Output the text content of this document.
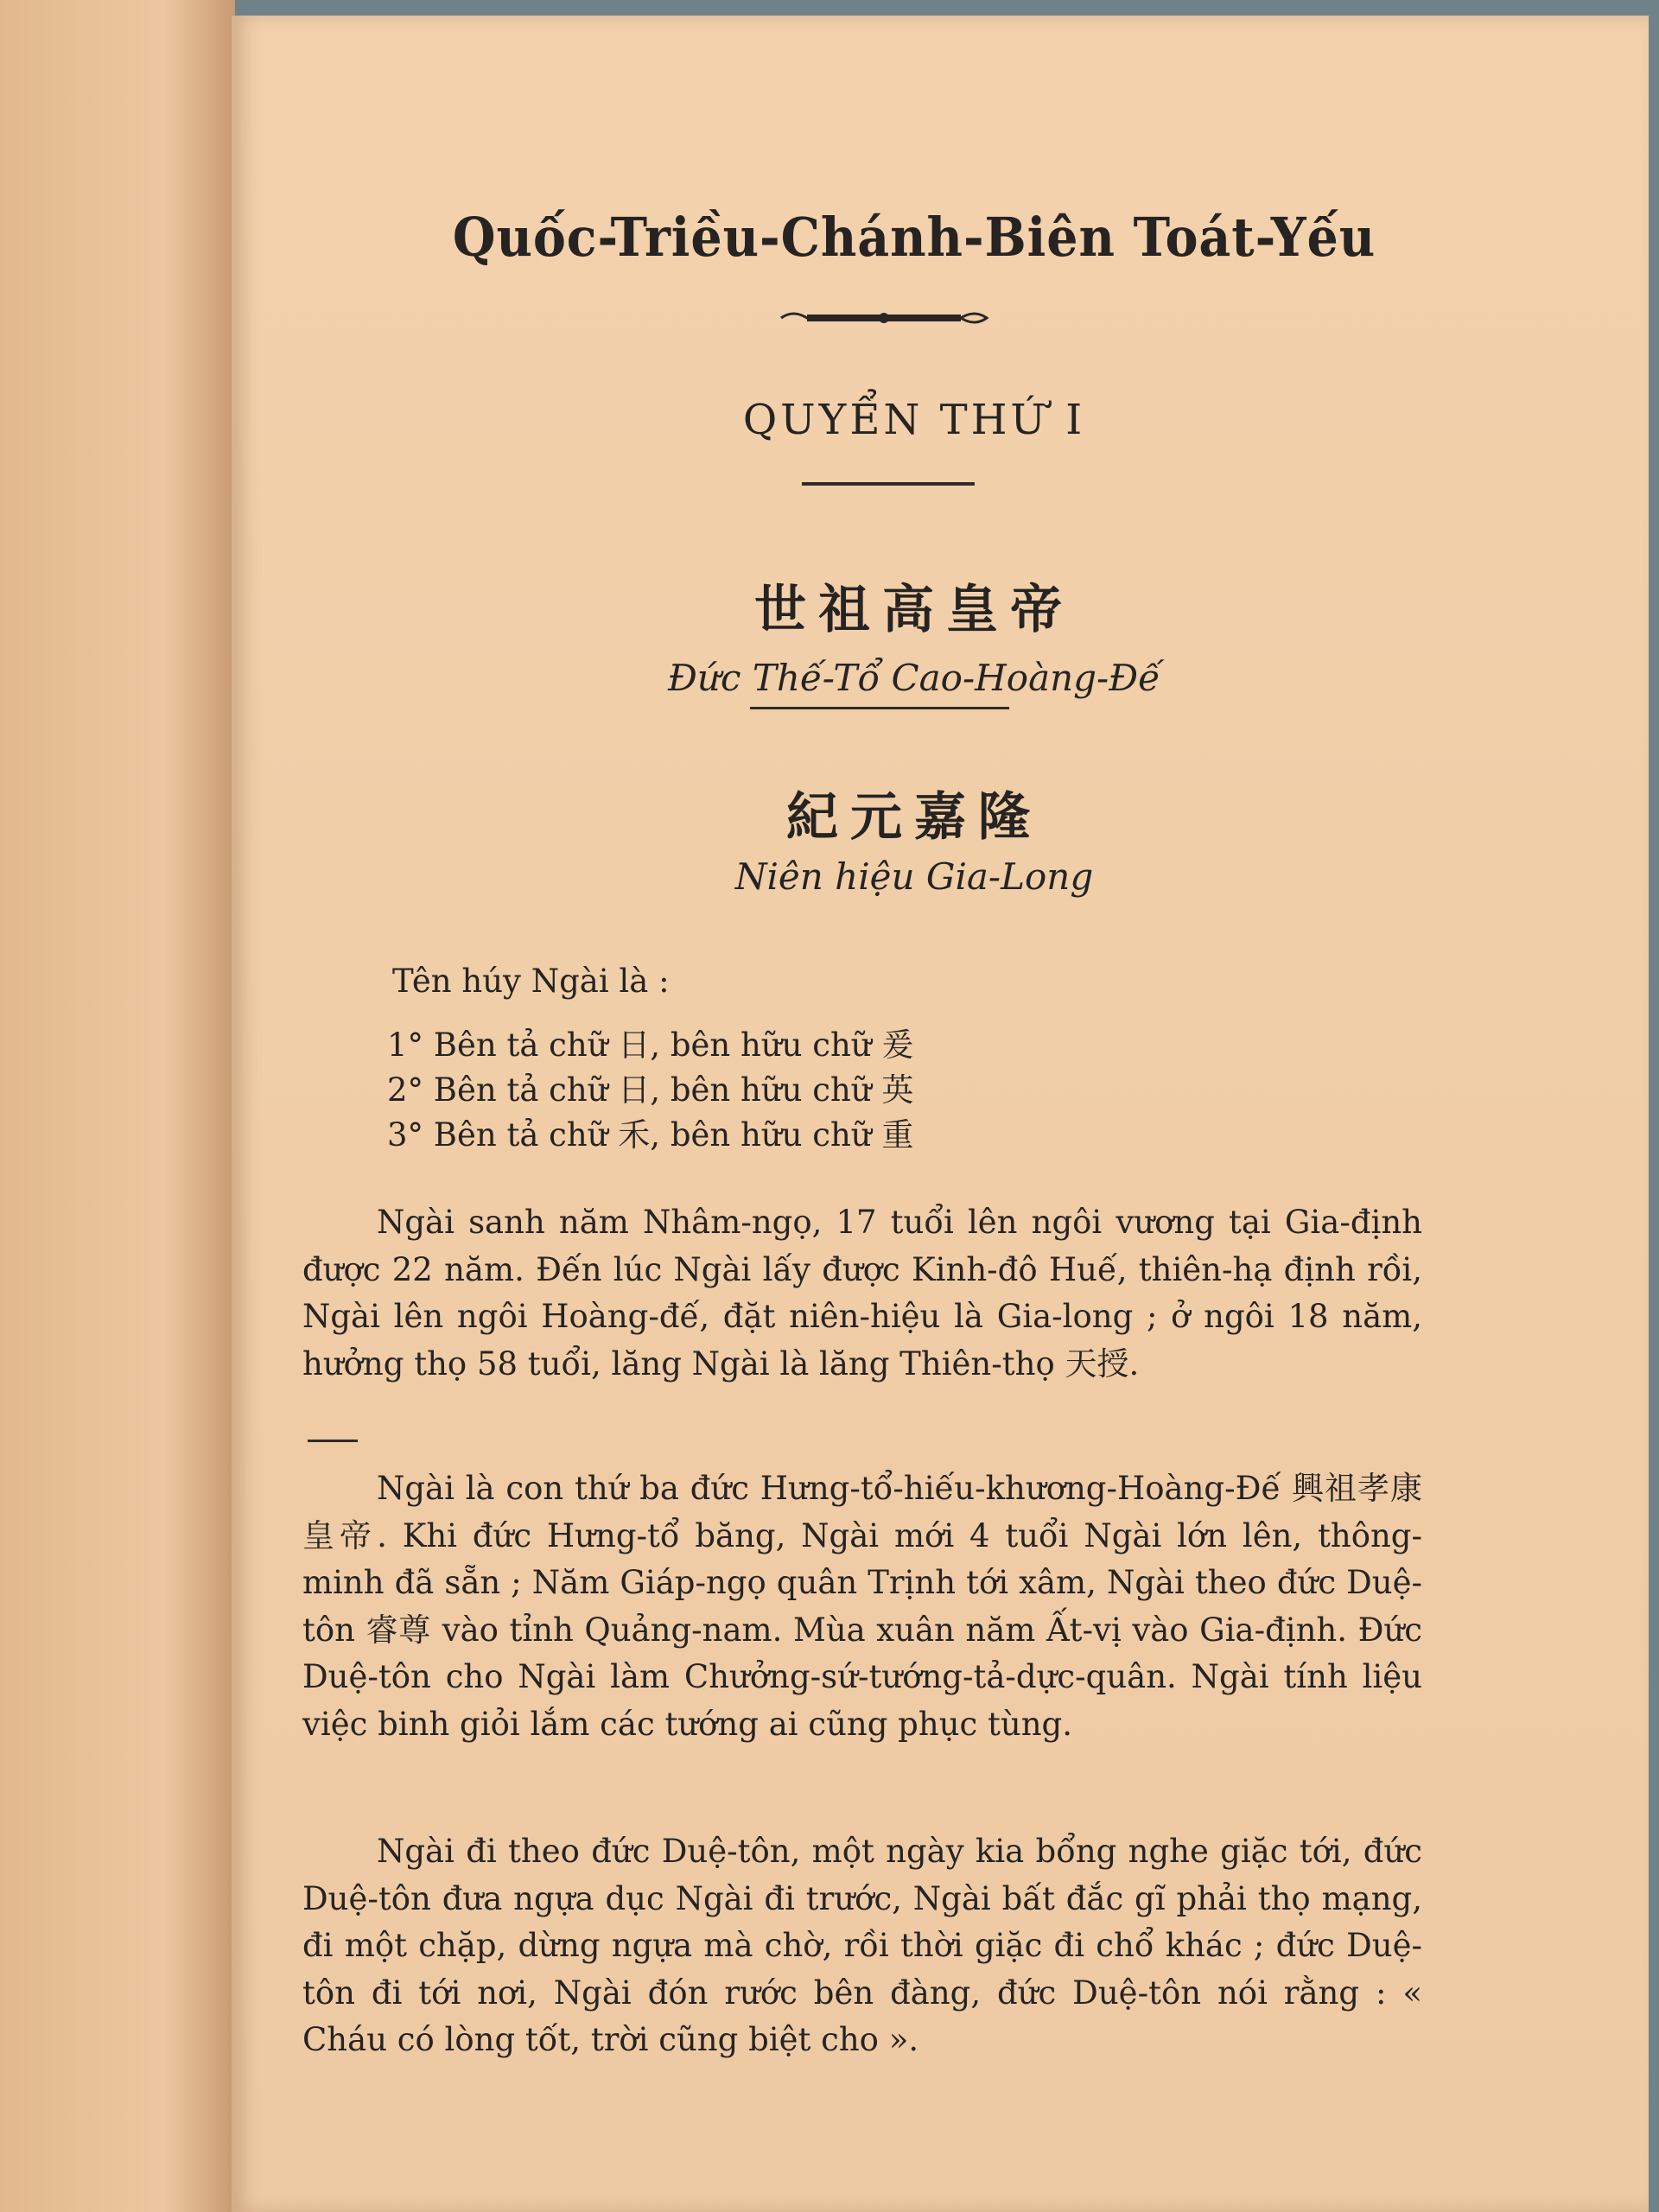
Quốc-Triều-Chánh-Biên Toát-Yếu
QUYỂN THỨ I
世祖高皇帝
Đức Thế-Tổ Cao-Hoàng-Đế
紀元嘉隆
Niên hiệu Gia-Long
Tên húy Ngài là :
1° Bên tả chữ 日, bên hữu chữ 爰
2° Bên tả chữ 日, bên hữu chữ 英
3° Bên tả chữ 禾, bên hữu chữ 重

Ngài sanh năm Nhâm-ngọ, 17 tuổi lên ngôi vương tại Gia-định được 22 năm. Đến lúc Ngài lấy được Kinh-đô Huế, thiên-hạ định rồi, Ngài lên ngôi Hoàng-đế, đặt niên-hiệu là Gia-long ; ở ngôi 18 năm, hưởng thọ 58 tuổi, lăng Ngài là lăng Thiên-thọ 天授.

Ngài là con thứ ba đức Hưng-tổ-hiếu-khương-Hoàng-Đế 興祖孝康皇帝. Khi đức Hưng-tổ băng, Ngài mới 4 tuổi Ngài lớn lên, thông-minh đã sẵn ; Năm Giáp-ngọ quân Trịnh tới xâm, Ngài theo đức Duệ-tôn 睿尊 vào tỉnh Quảng-nam. Mùa xuân năm Ất-vị vào Gia-định. Đức Duệ-tôn cho Ngài làm Chưởng-sứ-tướng-tả-dực-quân. Ngài tính liệu việc binh giỏi lắm các tướng ai cũng phục tùng.

Ngài đi theo đức Duệ-tôn, một ngày kia bổng nghe giặc tới, đức Duệ-tôn đưa ngựa dục Ngài đi trước, Ngài bất đắc gĩ phải thọ mạng, đi một chặp, dừng ngựa mà chờ, rồi thời giặc đi chổ khác ; đức Duệ-tôn đi tới nơi, Ngài đón rước bên đàng, đức Duệ-tôn nói rằng : « Cháu có lòng tốt, trời cũng biệt cho ».
